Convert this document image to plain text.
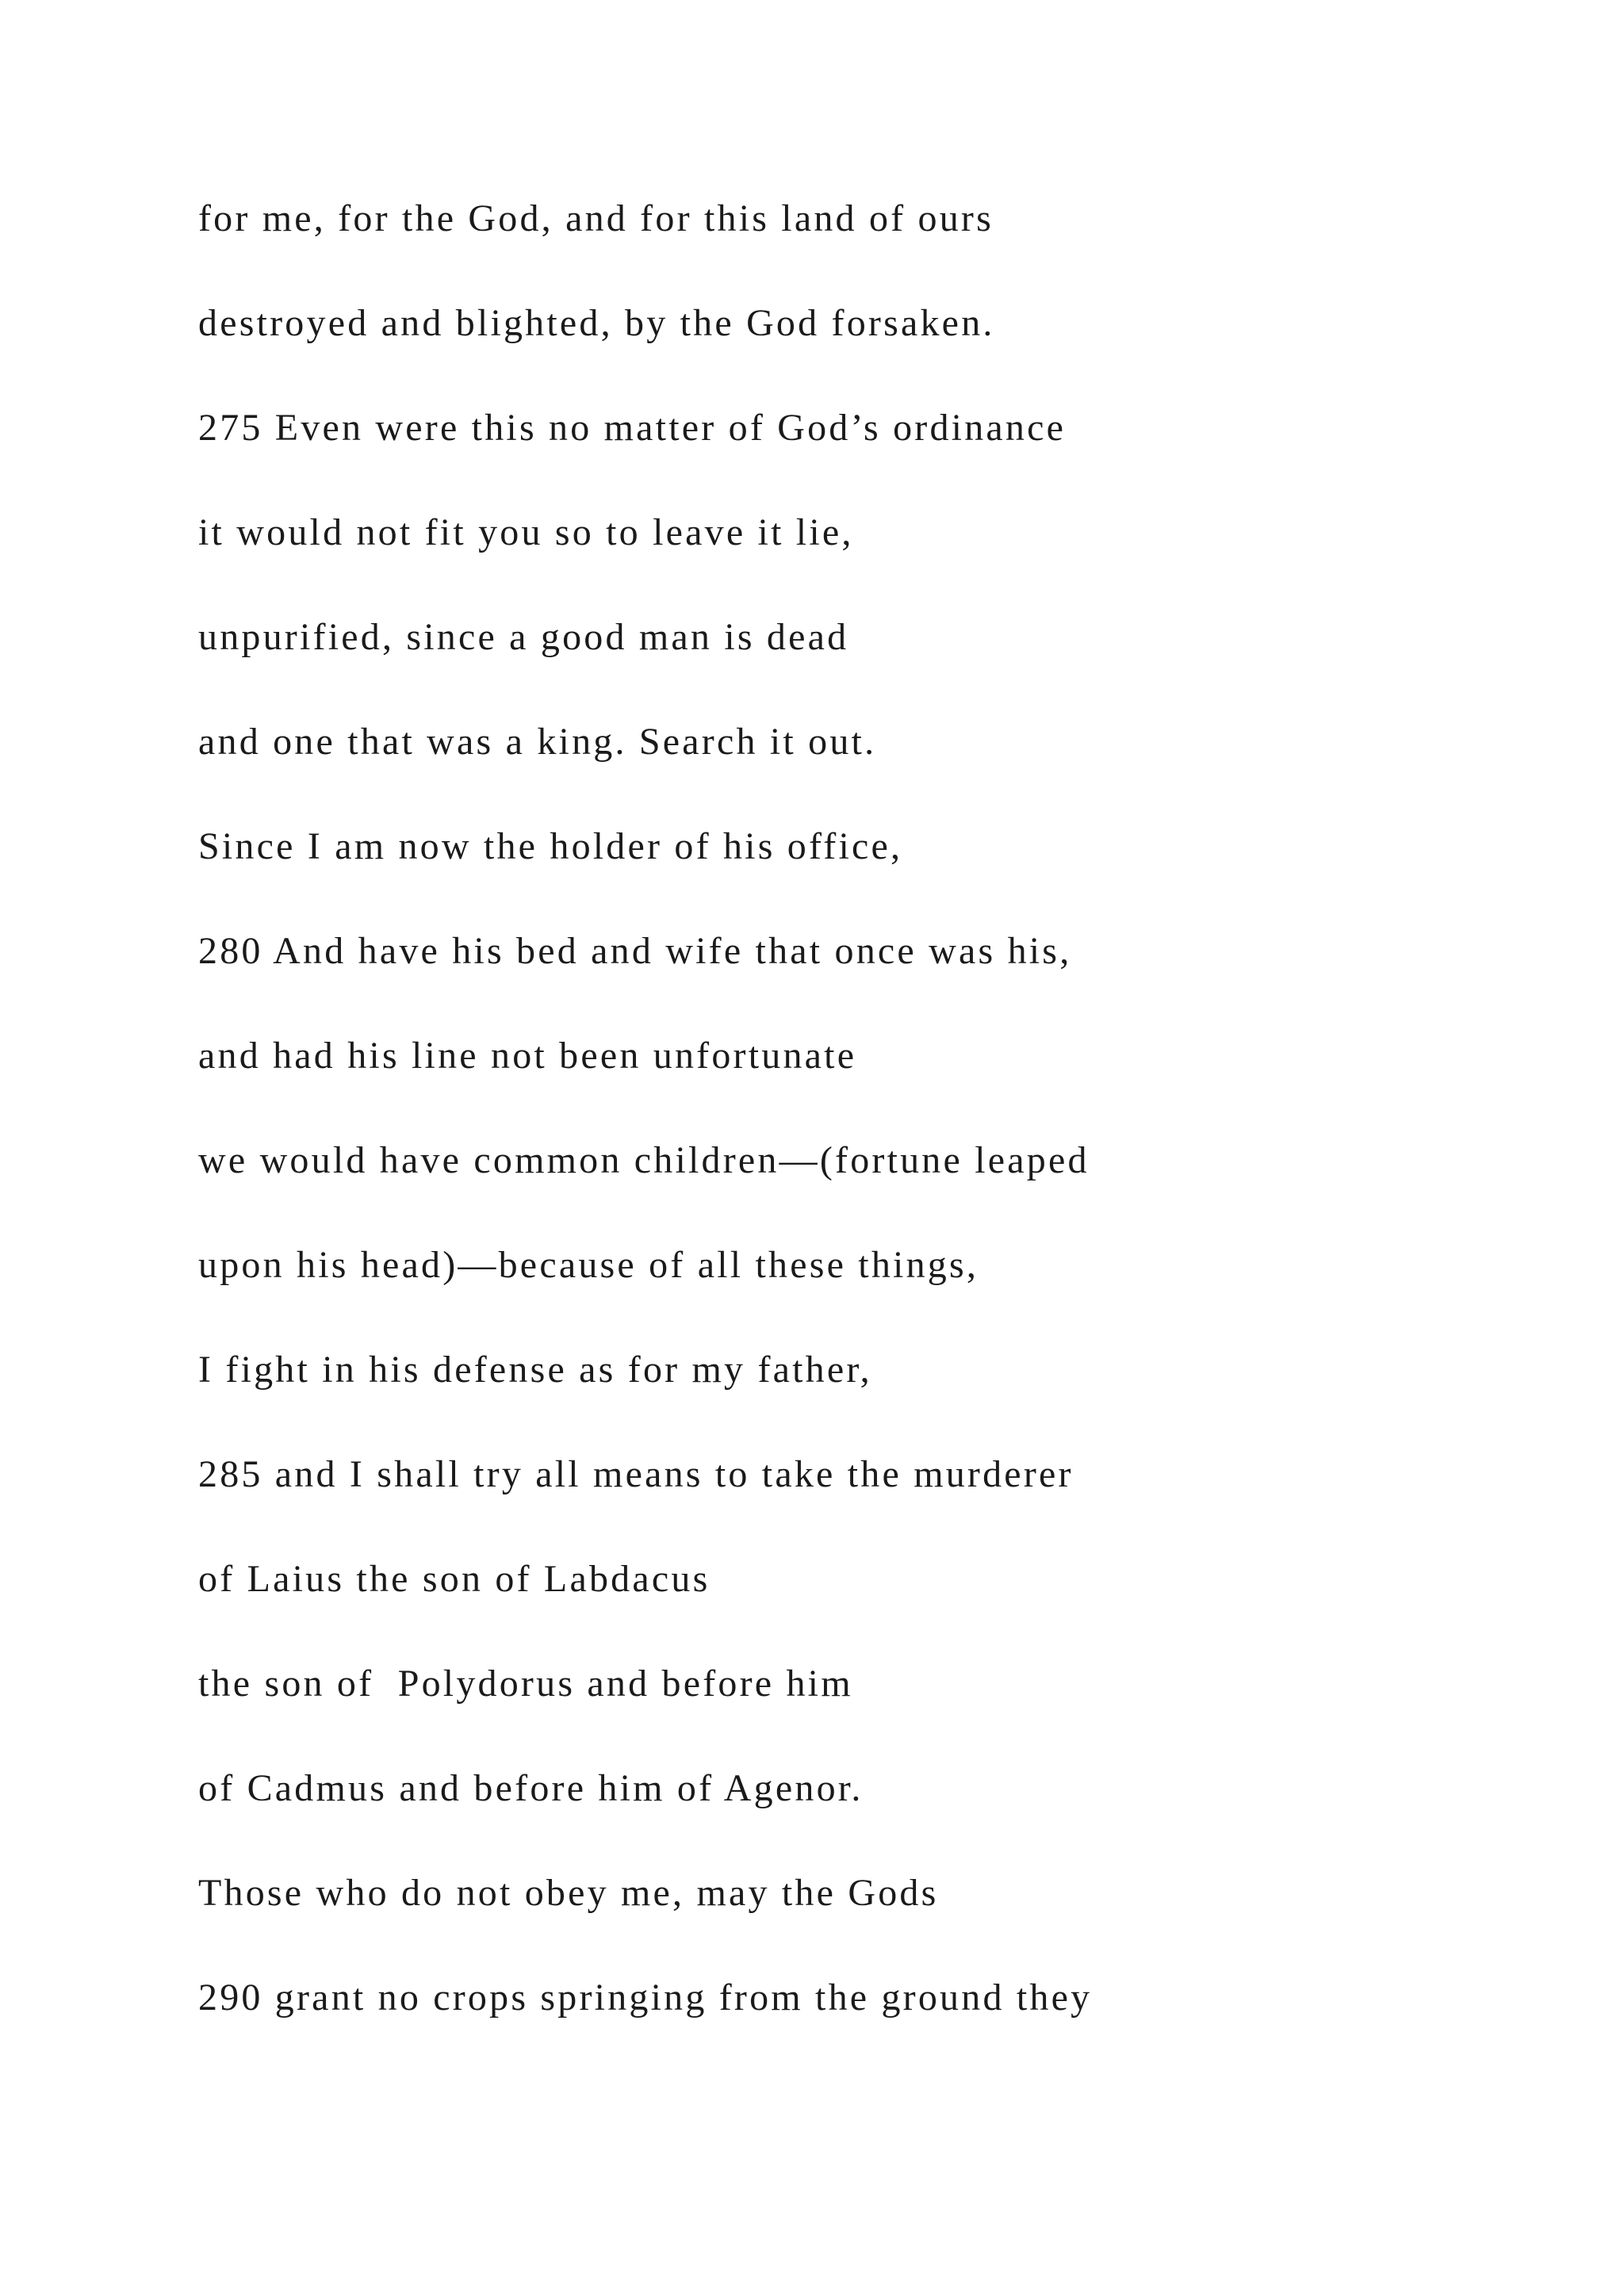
for me, for the God, and for this land of ours
destroyed and blighted, by the God forsaken.
275 Even were this no matter of God’s ordinance
it would not fit you so to leave it lie,
unpurified, since a good man is dead
and one that was a king. Search it out.
Since I am now the holder of his office,
280 And have his bed and wife that once was his,
and had his line not been unfortunate
we would have common children—(fortune leaped
upon his head)—because of all these things,
I fight in his defense as for my father,
285 and I shall try all means to take the murderer
of Laius the son of Labdacus
the son of  Polydorus and before him
of Cadmus and before him of Agenor.
Those who do not obey me, may the Gods
290 grant no crops springing from the ground they
